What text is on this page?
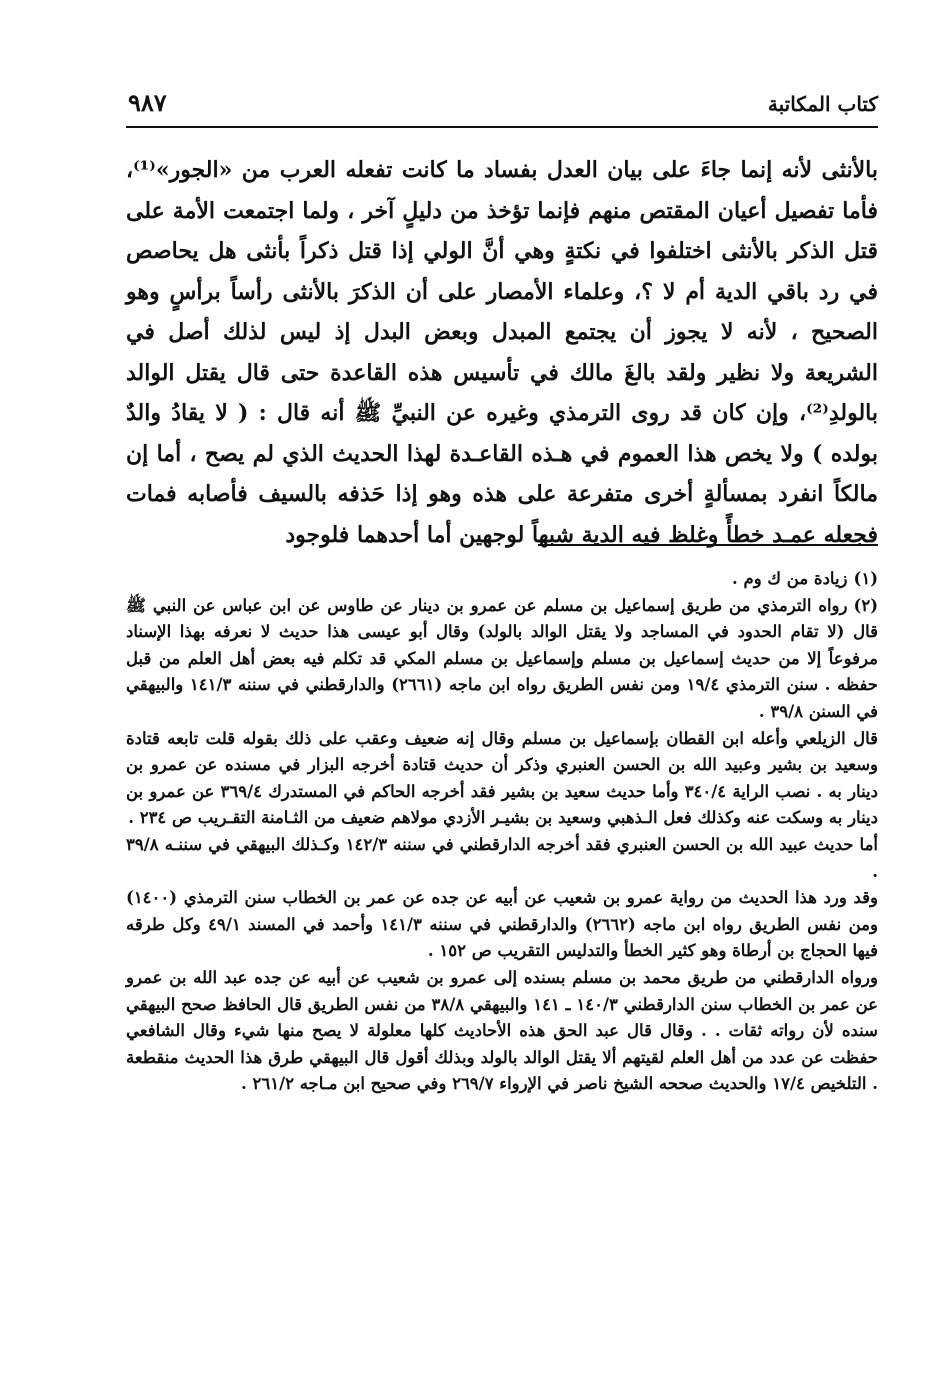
كتاب المكاتبة
٩٨٧

بالأنثى لأنه إنما جاءَ على بيان العدل بفساد ما كانت تفعله العرب من «الجور»⁽¹⁾، فأما تفصيل أعيان المقتص منهم فإنما تؤخذ من دليلٍ آخر ، ولما اجتمعت الأمة على قتل الذكر بالأنثى اختلفوا في نكتةٍ وهي أنَّ الولي إذا قتل ذكراً بأنثى هل يحاصص في رد باقي الدية أم لا ؟، وعلماء الأمصار على أن الذكرَ بالأنثى رأساً برأسٍ وهو الصحيح ، لأنه لا يجوز أن يجتمع المبدل وبعض البدل إذ ليس لذلك أصل في الشريعة ولا نظير ولقد بالغَ مالك في تأسيس هذه القاعدة حتى قال يقتل الوالد بالولدِ⁽²⁾، وإن كان قد روى الترمذي وغيره عن النبيِّ ﷺ أنه قال : ( لا يقادُ والدٌ بولده ) ولا يخص هذا العموم في هـذه القاعـدة لهذا الحديث الذي لم يصح ، أما إن مالكاً انفرد بمسألةٍ أخرى متفرعة على هذه وهو إذا حَذفه بالسيف فأصابه فمات فجعله عمـد خطأً وغلظ فيه الدية شبهاً لوجهين أما أحدهما فلوجود

(١)زيادة من ك وم .

(٢)رواه الترمذي من طريق إسماعيل بن مسلم عن عمرو بن دينار عن طاوس عن ابن عباس عن النبي ﷺ قال (لا تقام الحدود في المساجد ولا يقتل الوالد بالولد) وقال أبو عيسى هذا حديث لا نعرفه بهذا الإسناد مرفوعاً إلا من حديث إسماعيل بن مسلم وإسماعيل بن مسلم المكي قد تكلم فيه بعض أهل العلم من قبل حفظه . سنن الترمذي ١٩/٤ ومن نفس الطريق رواه ابن ماجه (٢٦٦١) والدارقطني في سننه ١٤١/٣ والبيهقي في السنن ٣٩/٨ .

قال الزيلعي وأعله ابن القطان بإسماعيل بن مسلم وقال إنه ضعيف وعقب على ذلك بقوله قلت تابعه قتادة وسعيد بن بشير وعبيد الله بن الحسن العنبري وذكر أن حديث قتادة أخرجه البزار في مسنده عن عمرو بن دينار به . نصب الراية ٣٤٠/٤ وأما حديث سعيد بن بشير فقد أخرجه الحاكم في المستدرك ٣٦٩/٤ عن عمرو بن دينار به وسكت عنه وكذلك فعل الـذهبي وسعيد بن بشيـر الأزدي مولاهم ضعيف من الثـامنة التقـريب ص ٢٣٤ .

أما حديث عبيد الله بن الحسن العنبري فقد أخرجه الدارقطني في سننه ١٤٢/٣ وكـذلك البيهقي في سننـه ٣٩/٨ .

وقد ورد هذا الحديث من رواية عمرو بن شعيب عن أبيه عن جده عن عمر بن الخطاب سنن الترمذي (١٤٠٠) ومن نفس الطريق رواه ابن ماجه (٢٦٦٢) والدارقطني في سننه ١٤١/٣ وأحمد في المسند ٤٩/١ وكل طرقه فيها الحجاج بن أرطاة وهو كثير الخطأ والتدليس التقريب ص ١٥٢ .

ورواه الدارقطني من طريق محمد بن مسلم بسنده إلى عمرو بن شعيب عن أبيه عن جده عبد الله بن عمرو عن عمر بن الخطاب سنن الدارقطني ١٤٠/٣ ـ ١٤١ والبيهقي ٣٨/٨ من نفس الطريق قال الحافظ صحح البيهقي سنده لأن رواته ثقات . . وقال قال عبد الحق هذه الأحاديث كلها معلولة لا يصح منها شيء وقال الشافعي حفظت عن عدد من أهل العلم لقيتهم ألا يقتل الوالد بالولد وبذلك أقول قال البيهقي طرق هذا الحديث منقطعة . التلخيص ١٧/٤ والحديث صححه الشيخ ناصر في الإرواء ٢٦٩/٧ وفي صحيح ابن مـاجه ٢٦١/٢ .
